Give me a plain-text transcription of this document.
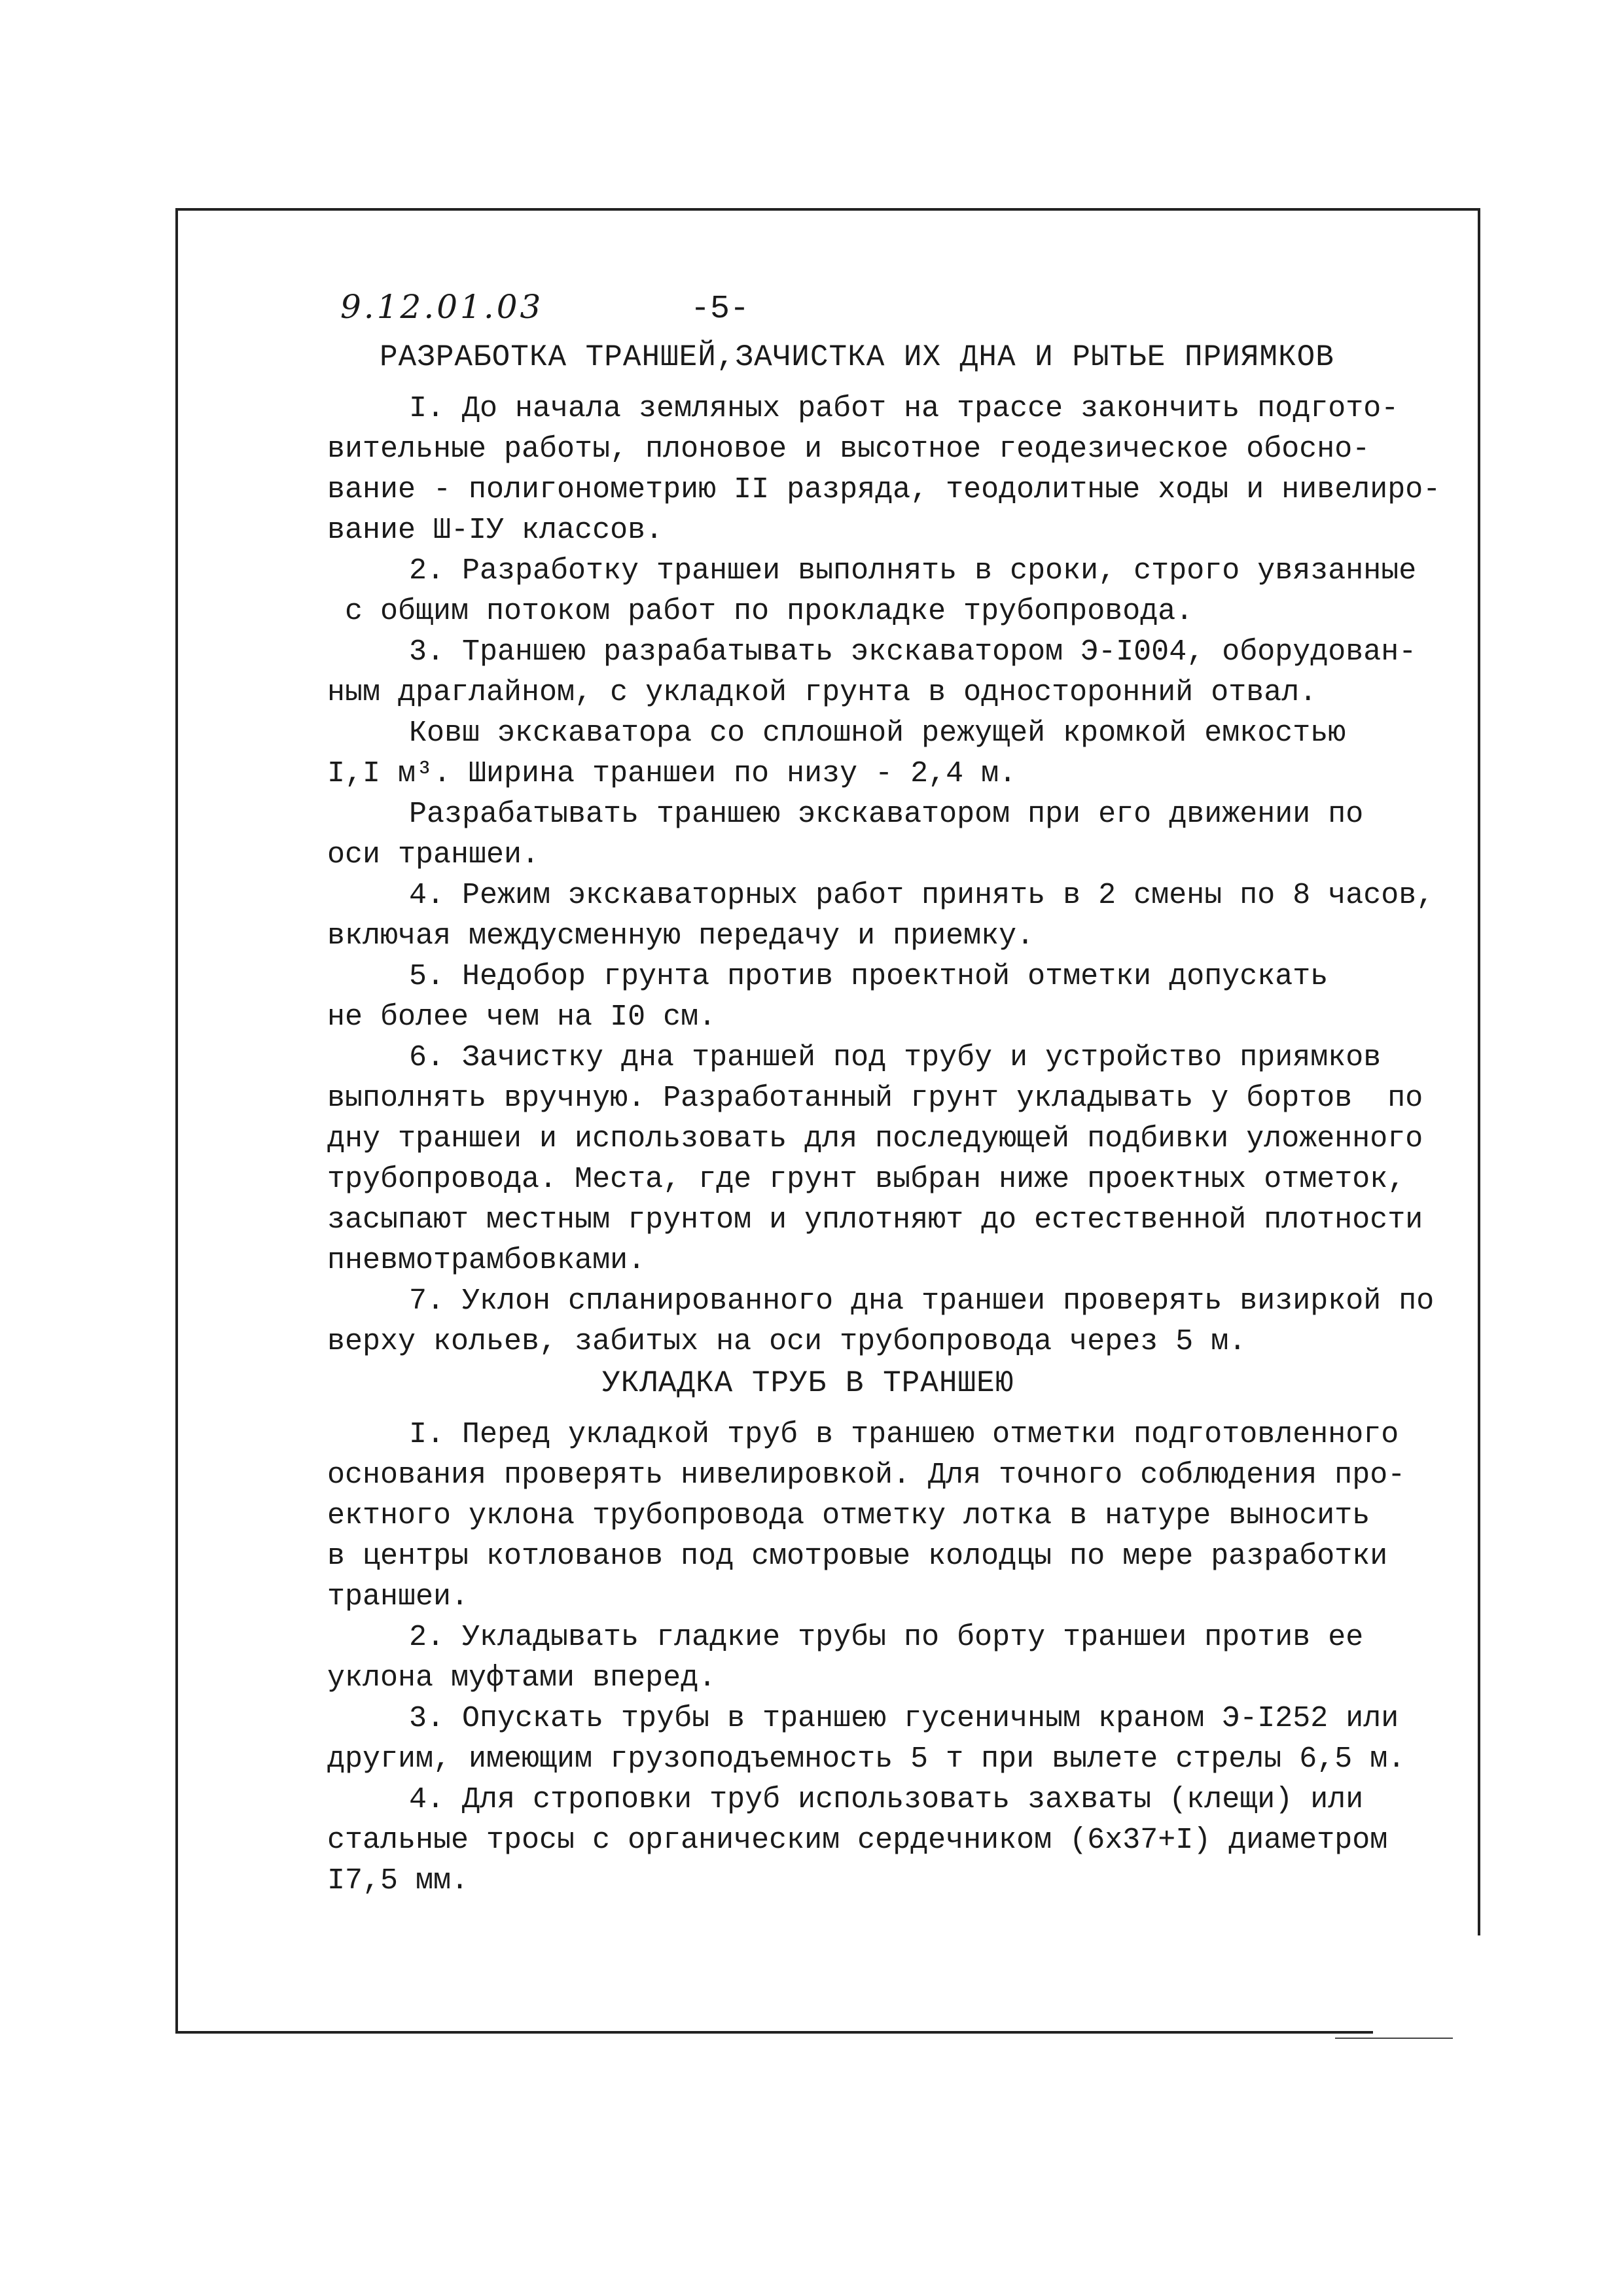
9.12.01.03	-5-
РАЗРАБОТКА ТРАНШЕЙ,ЗАЧИСТКА ИХ ДНА И РЫТЬЕ ПРИЯМКОВ

I. До начала земляных работ на трассе закончить подгото-
вительные работы, плоновое и высотное геодезическое обосно-
вание - полигонометрию II разряда, теодолитные ходы и нивелиро-
вание Ш-IУ классов.

2. Разработку траншеи выполнять в сроки, строго увязанные
с общим потоком работ по прокладке трубопровода.

3. Траншею разрабатывать экскаватором Э-I004, оборудован-
ным драглайном, с укладкой грунта в односторонний отвал.

Ковш экскаватора со сплошной режущей кромкой емкостью
I,I м³. Ширина траншеи по низу - 2,4 м.

Разрабатывать траншею экскаватором при его движении по
оси траншеи.

4. Режим экскаваторных работ принять в 2 смены по 8 часов,
включая междусменную передачу и приемку.

5. Недобор грунта против проектной отметки допускать
не более чем на I0 см.

6. Зачистку дна траншей под трубу и устройство приямков
выполнять вручную. Разработанный грунт укладывать у бортов  по
дну траншеи и использовать для последующей подбивки уложенного
трубопровода. Места, где грунт выбран ниже проектных отметок,
засыпают местным грунтом и уплотняют до естественной плотности
пневмотрамбовками.

7. Уклон спланированного дна траншеи проверять визиркой по
верху кольев, забитых на оси трубопровода через 5 м.

УКЛАДКА ТРУБ В ТРАНШЕЮ

I. Перед укладкой труб в траншею отметки подготовленного
основания проверять нивелировкой. Для точного соблюдения про-
ектного уклона трубопровода отметку лотка в натуре выносить
в центры котлованов под смотровые колодцы по мере разработки
траншеи.

2. Укладывать гладкие трубы по борту траншеи против ее
уклона муфтами вперед.

3. Опускать трубы в траншею гусеничным краном Э-I252 или
другим, имеющим грузоподъемность 5 т при вылете стрелы 6,5 м.

4. Для строповки труб использовать захваты (клещи) или
стальные тросы с органическим сердечником (6х37+I) диаметром
I7,5 мм.
